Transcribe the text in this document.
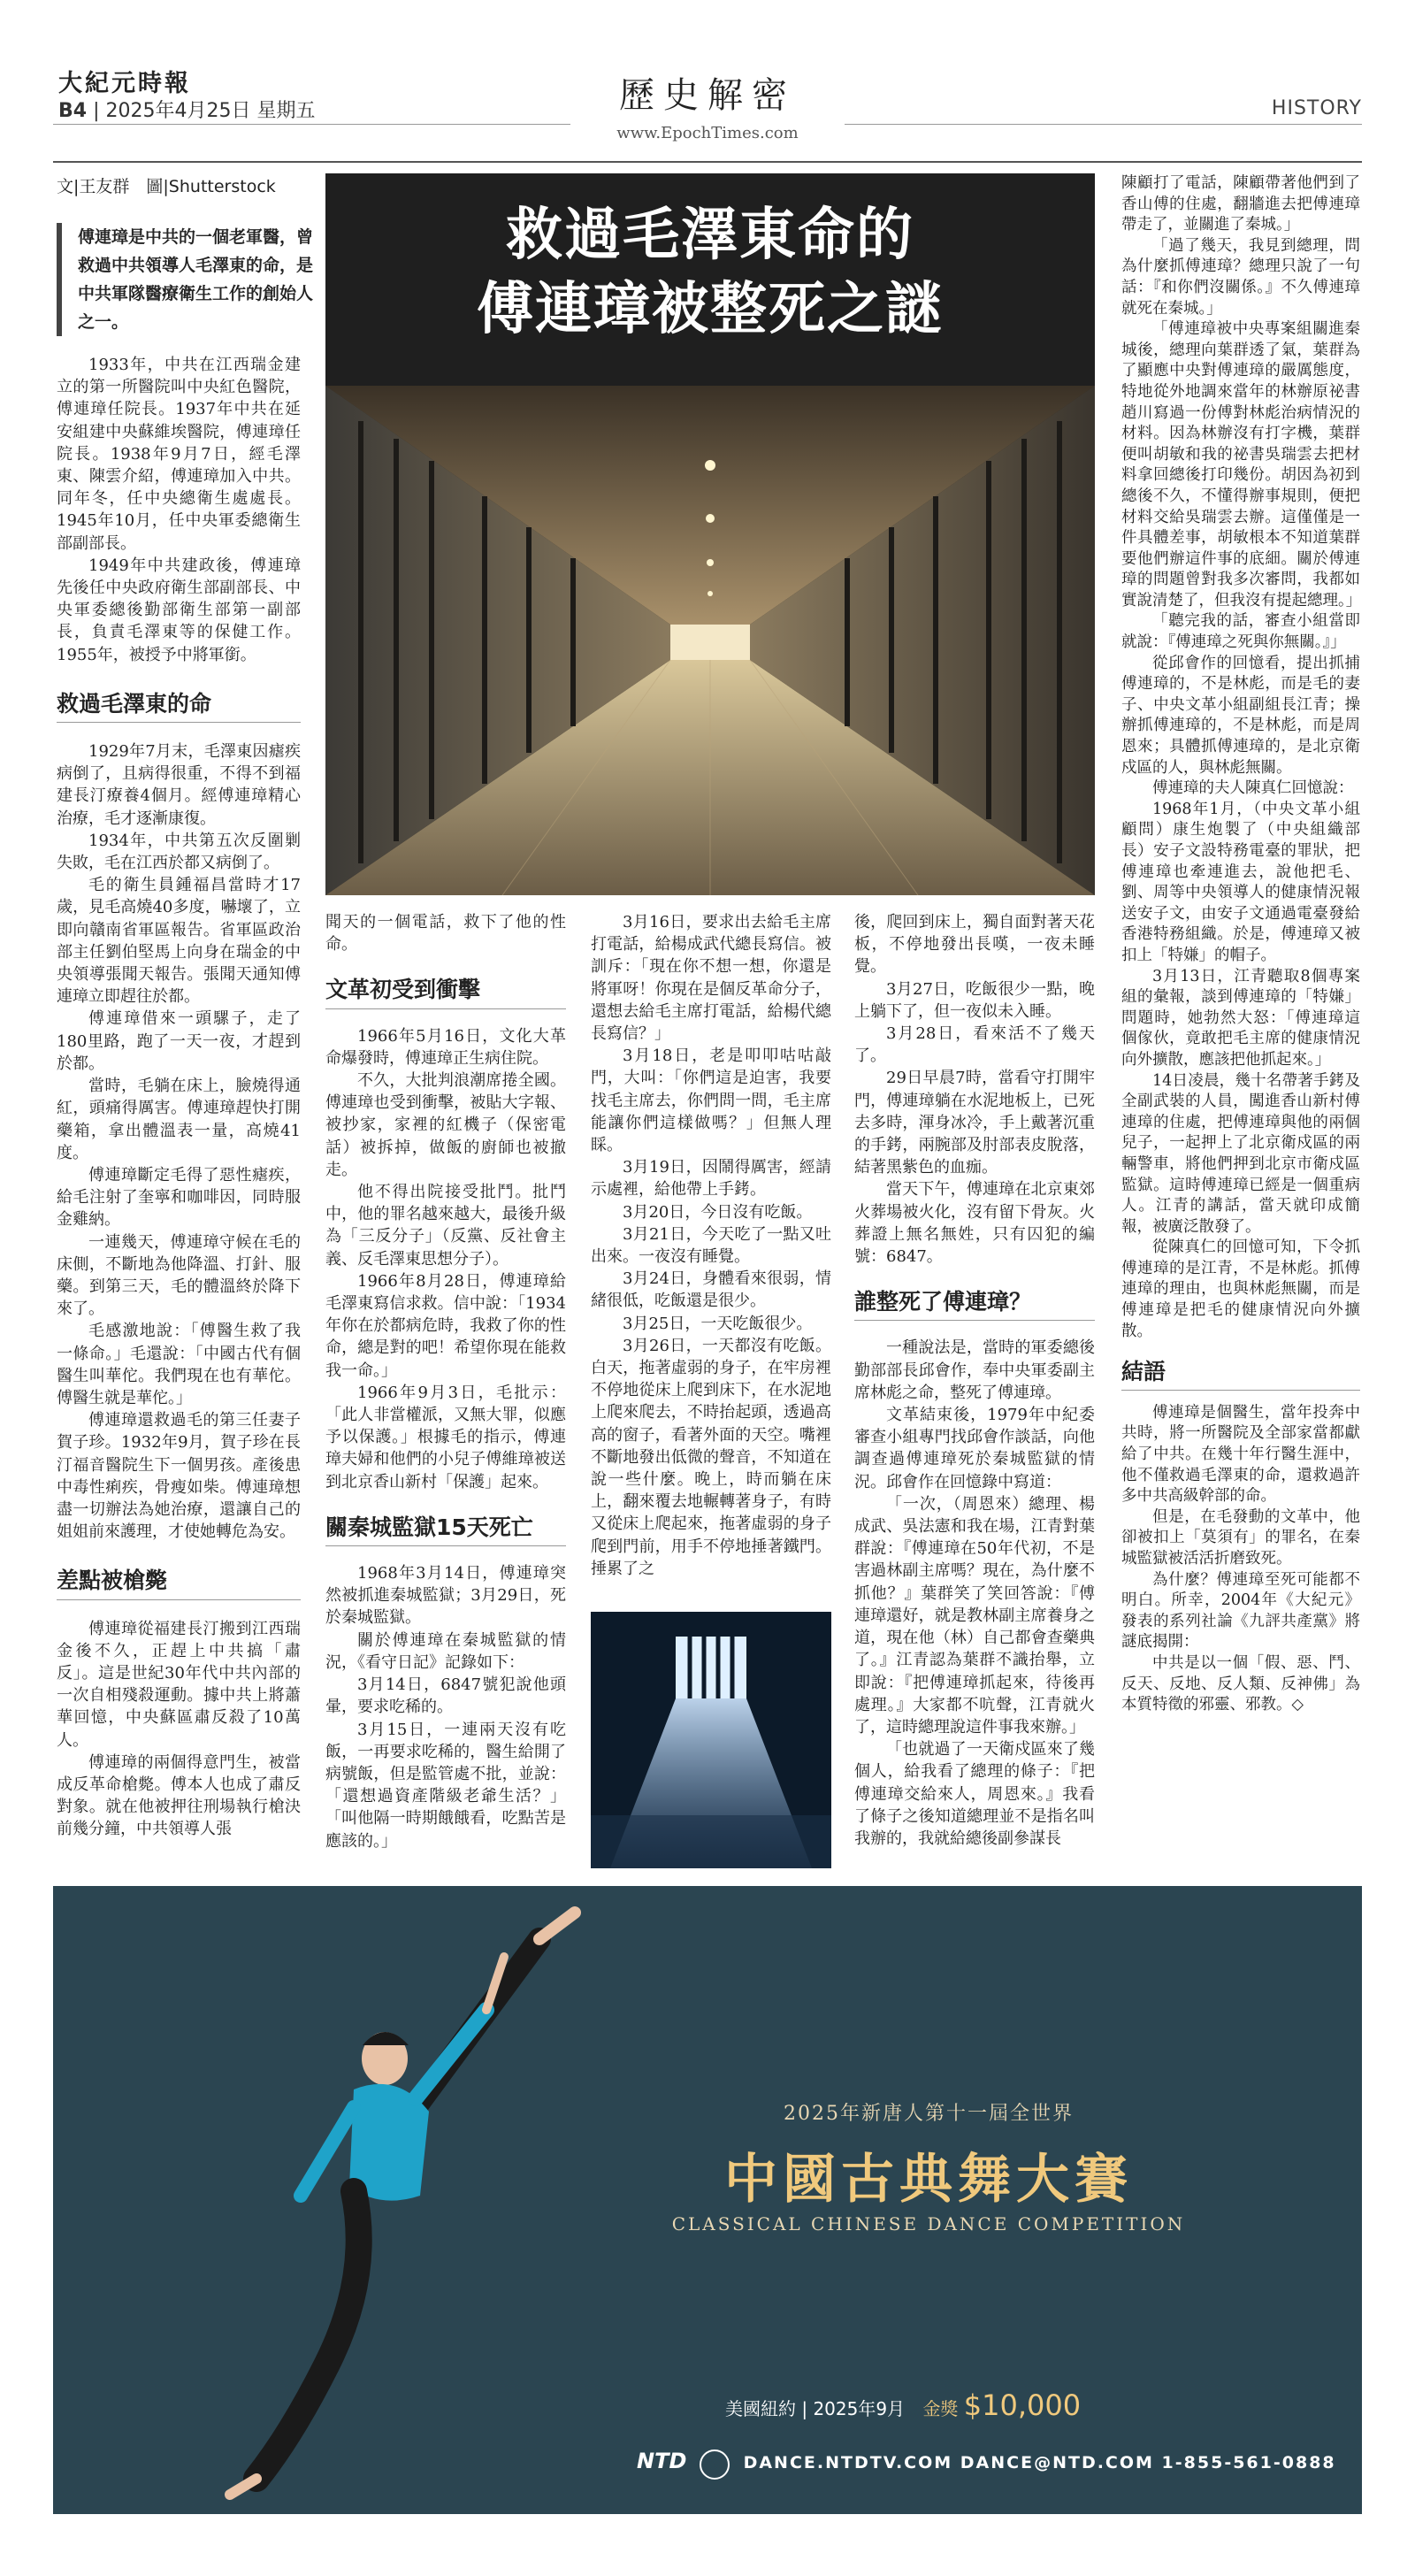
大紀元時報
B4 | 2025年4月25日 星期五	歷史解密
www.EpochTimes.com
HISTORY
文|王友群　圖|Shutterstock
傅連璋是中共的一個老軍醫，曾救過中共領導人毛澤東的命，是中共軍隊醫療衛生工作的創始人之一。
救過毛澤東命的
傅連璋被整死之謎

1933年，中共在江西瑞金建立的第一所醫院叫中央紅色醫院，傅連璋任院長。1937年中共在延安組建中央蘇維埃醫院，傅連璋任院長。1938年9月7日，經毛澤東、陳雲介紹，傅連璋加入中共。同年冬，任中央總衛生處處長。1945年10月，任中央軍委總衛生部副部長。

1949年中共建政後，傅連璋先後任中央政府衛生部副部長、中央軍委總後勤部衛生部第一副部長，負責毛澤東等的保健工作。1955年，被授予中將軍銜。

救過毛澤東的命

1929年7月末，毛澤東因瘧疾病倒了，且病得很重，不得不到福建長汀療養4個月。經傅連璋精心治療，毛才逐漸康復。

1934年，中共第五次反圍剿失敗，毛在江西於都又病倒了。

毛的衛生員鍾福昌當時才17歲，見毛高燒40多度，嚇壞了，立即向贛南省軍區報告。省軍區政治部主任劉伯堅馬上向身在瑞金的中央領導張聞天報告。張聞天通知傅連璋立即趕往於都。

傅連璋借來一頭騾子，走了180里路，跑了一天一夜，才趕到於都。

當時，毛躺在床上，臉燒得通紅，頭痛得厲害。傅連璋趕快打開藥箱，拿出體溫表一量，高燒41度。

傅連璋斷定毛得了惡性瘧疾，給毛注射了奎寧和咖啡因，同時服金雞納。

一連幾天，傅連璋守候在毛的床側，不斷地為他降溫、打針、服藥。到第三天，毛的體溫終於降下來了。

毛感激地說：「傅醫生救了我一條命。」毛還說：「中國古代有個醫生叫華佗。我們現在也有華佗。傅醫生就是華佗。」

傅連璋還救過毛的第三任妻子賀子珍。1932年9月，賀子珍在長汀福音醫院生下一個男孩。產後患中毒性痢疾，骨瘦如柴。傅連璋想盡一切辦法為她治療，還讓自己的姐姐前來護理，才使她轉危為安。

差點被槍斃

傅連璋從福建長汀搬到江西瑞金後不久，正趕上中共搞「肅反」。這是世紀30年代中共內部的一次自相殘殺運動。據中共上將蕭華回憶，中央蘇區肅反殺了10萬人。

傅連璋的兩個得意門生，被當成反革命槍斃。傅本人也成了肅反對象。就在他被押往刑場執行槍決前幾分鐘，中共領導人張

聞天的一個電話，救下了他的性命。

文革初受到衝擊

1966年5月16日，文化大革命爆發時，傅連璋正生病住院。

不久，大批判浪潮席捲全國。傅連璋也受到衝擊，被貼大字報、被抄家，家裡的紅機子（保密電話）被拆掉，做飯的廚師也被撤走。

他不得出院接受批鬥。批鬥中，他的罪名越來越大，最後升級為「三反分子」（反黨、反社會主義、反毛澤東思想分子）。

1966年8月28日，傅連璋給毛澤東寫信求救。信中說：「1934年你在於都病危時，我救了你的性命，總是對的吧！希望你現在能救我一命。」

1966年9月3日，毛批示：「此人非當權派，又無大罪，似應予以保護。」根據毛的指示，傅連璋夫婦和他們的小兒子傅維璋被送到北京香山新村「保護」起來。

關秦城監獄15天死亡

1968年3月14日，傅連璋突然被抓進秦城監獄；3月29日，死於秦城監獄。

關於傅連璋在秦城監獄的情況，《看守日記》記錄如下：

3月14日，6847號犯說他頭暈，要求吃稀的。

3月15日，一連兩天沒有吃飯，一再要求吃稀的，醫生給開了病號飯，但是監管處不批，並說：「還想過資產階級老爺生活？」「叫他隔一時期餓餓看，吃點苦是應該的。」

3月16日，要求出去給毛主席打電話，給楊成武代總長寫信。被訓斥：「現在你不想一想，你還是將軍呀！你現在是個反革命分子，還想去給毛主席打電話，給楊代總長寫信？」

3月18日，老是叩叩咕咕敲門，大叫：「你們這是迫害，我要找毛主席去，你們問一問，毛主席能讓你們這樣做嗎？」但無人理睬。

3月19日，因鬧得厲害，經請示處裡，給他帶上手銬。

3月20日，今日沒有吃飯。

3月21日，今天吃了一點又吐出來。一夜沒有睡覺。

3月24日，身體看來很弱，情緒很低，吃飯還是很少。

3月25日，一天吃飯很少。

3月26日，一天都沒有吃飯。白天，拖著虛弱的身子，在牢房裡不停地從床上爬到床下，在水泥地上爬來爬去，不時抬起頭，透過高高的窗子，看著外面的天空。嘴裡不斷地發出低微的聲音，不知道在說一些什麼。晚上，時而躺在床上，翻來覆去地輾轉著身子，有時又從床上爬起來，拖著虛弱的身子爬到門前，用手不停地捶著鐵門。捶累了之

後，爬回到床上，獨自面對著天花板，不停地發出長嘆，一夜未睡覺。

3月27日，吃飯很少一點，晚上躺下了，但一夜似未入睡。

3月28日，看來活不了幾天了。

29日早晨7時，當看守打開牢門，傅連璋躺在水泥地板上，已死去多時，渾身冰冷，手上戴著沉重的手銬，兩腕部及肘部表皮脫落，結著黑紫色的血痂。

當天下午，傅連璋在北京東郊火葬場被火化，沒有留下骨灰。火葬證上無名無姓，只有囚犯的編號：6847。

誰整死了傅連璋？

一種說法是，當時的軍委總後勤部部長邱會作，奉中央軍委副主席林彪之命，整死了傅連璋。

文革結束後，1979年中紀委審查小組專門找邱會作談話，向他調查過傅連璋死於秦城監獄的情況。邱會作在回憶錄中寫道：

「一次，（周恩來）總理、楊成武、吳法憲和我在場，江青對葉群說：『傅連璋在50年代初，不是害過林副主席嗎？現在，為什麼不抓他？』葉群笑了笑回答說：『傅連璋還好，就是教林副主席養身之道，現在他（林）自己都會查藥典了。』江青認為葉群不識抬舉，立即說：『把傅連璋抓起來，待後再處理。』大家都不吭聲，江青就火了，這時總理說這件事我來辦。」

「也就過了一天衛戍區來了幾個人，給我看了總理的條子：『把傅連璋交給來人，周恩來。』我看了條子之後知道總理並不是指名叫我辦的，我就給總後副參謀長

陳顧打了電話，陳顧帶著他們到了香山傅的住處，翻牆進去把傅連璋帶走了，並關進了秦城。」

「過了幾天，我見到總理，問為什麼抓傅連璋？總理只說了一句話：『和你們沒關係。』不久傅連璋就死在秦城。」

「傅連璋被中央專案組關進秦城後，總理向葉群透了氣，葉群為了顯應中央對傅連璋的嚴厲態度，特地從外地調來當年的林辦原祕書趙川寫過一份傅對林彪治病情況的材料。因為林辦沒有打字機，葉群便叫胡敏和我的祕書吳瑞雲去把材料拿回總後打印幾份。胡因為初到總後不久，不懂得辦事規則，便把材料交給吳瑞雲去辦。這僅僅是一件具體差事，胡敏根本不知道葉群要他們辦這件事的底細。關於傅連璋的問題曾對我多次審問，我都如實說清楚了，但我沒有提起總理。」

「聽完我的話，審查小組當即就說：『傅連璋之死與你無關。』」

從邱會作的回憶看，提出抓捕傅連璋的，不是林彪，而是毛的妻子、中央文革小組副組長江青；操辦抓傅連璋的，不是林彪，而是周恩來；具體抓傅連璋的，是北京衛戍區的人，與林彪無關。

傅連璋的夫人陳真仁回憶說：

1968年1月，（中央文革小組顧問）康生炮製了（中央組織部長）安子文設特務電臺的罪狀，把傅連璋也牽連進去，說他把毛、劉、周等中央領導人的健康情況報送安子文，由安子文通過電臺發給香港特務組織。於是，傅連璋又被扣上「特嫌」的帽子。

3月13日，江青聽取8個專案組的彙報，談到傅連璋的「特嫌」問題時，她勃然大怒：「傅連璋這個傢伙，竟敢把毛主席的健康情況向外擴散，應該把他抓起來。」

14日凌晨，幾十名帶著手銬及全副武裝的人員，闖進香山新村傅連璋的住處，把傅連璋與他的兩個兒子，一起押上了北京衛戍區的兩輛警車，將他們押到北京市衛戍區監獄。這時傅連璋已經是一個重病人。江青的講話，當天就印成簡報，被廣泛散發了。

從陳真仁的回憶可知，下令抓傅連璋的是江青，不是林彪。抓傅連璋的理由，也與林彪無關，而是傅連璋是把毛的健康情況向外擴散。

結語

傅連璋是個醫生，當年投奔中共時，將一所醫院及全部家當都獻給了中共。在幾十年行醫生涯中，他不僅救過毛澤東的命，還救過許多中共高級幹部的命。

但是，在毛發動的文革中，他卻被扣上「莫須有」的罪名，在秦城監獄被活活折磨致死。

為什麼？傅連璋至死可能都不明白。所幸，2004年《大紀元》發表的系列社論《九評共產黨》將謎底揭開：

中共是以一個「假、惡、鬥、反天、反地、反人類、反神佛」為本質特徵的邪靈、邪教。◇

2025年新唐人第十一屆全世界
中國古典舞大賽
CLASSICAL CHINESE DANCE COMPETITION
美國紐約 | 2025年9月 金獎 $10,000
NTD	DANCE.NTDTV.COM DANCE@NTD.COM 1-855-561-0888
